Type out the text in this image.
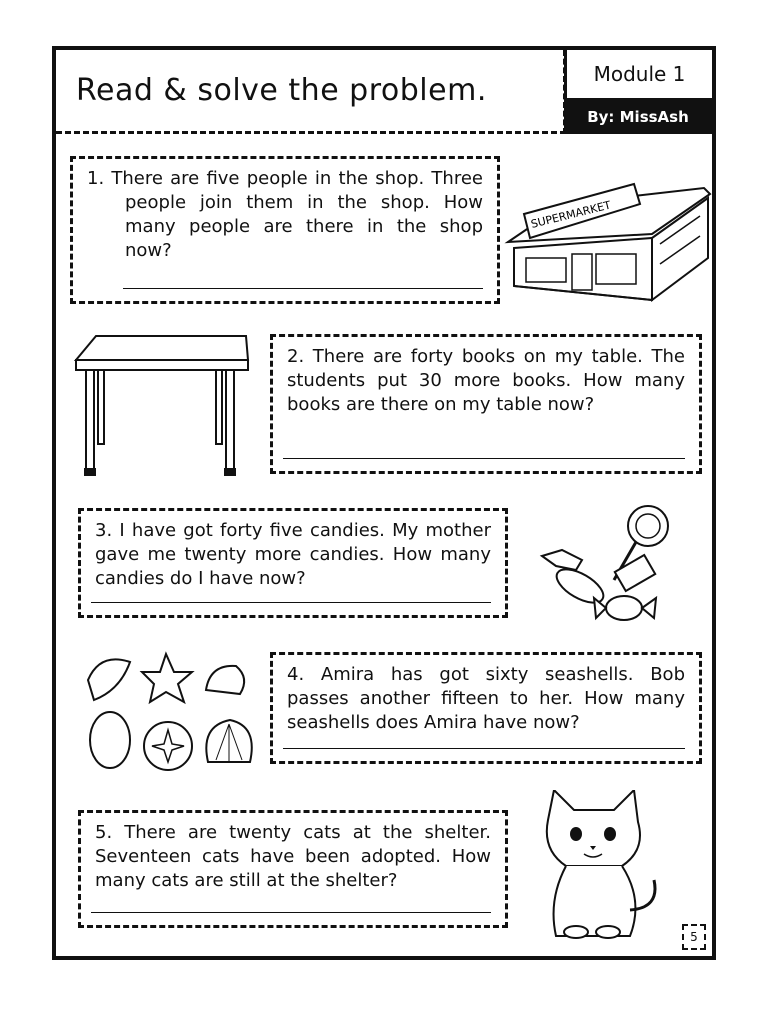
Read & solve the problem.	Module 1
By: MissAsh
1. There are five people in the shop. Three people join them in the shop. How many people are there in the shop now?
SUPERMARKET
2. There are forty books on my table. The students put 30 more books. How many books are there on my table now?
3. I have got forty five candies. My mother gave me twenty more candies. How many candies do I have now?
4. Amira has got sixty seashells. Bob passes another fifteen to her. How many seashells does Amira have now?
5. There are twenty cats at the shelter. Seventeen cats have been adopted. How many cats are still at the shelter?
5
